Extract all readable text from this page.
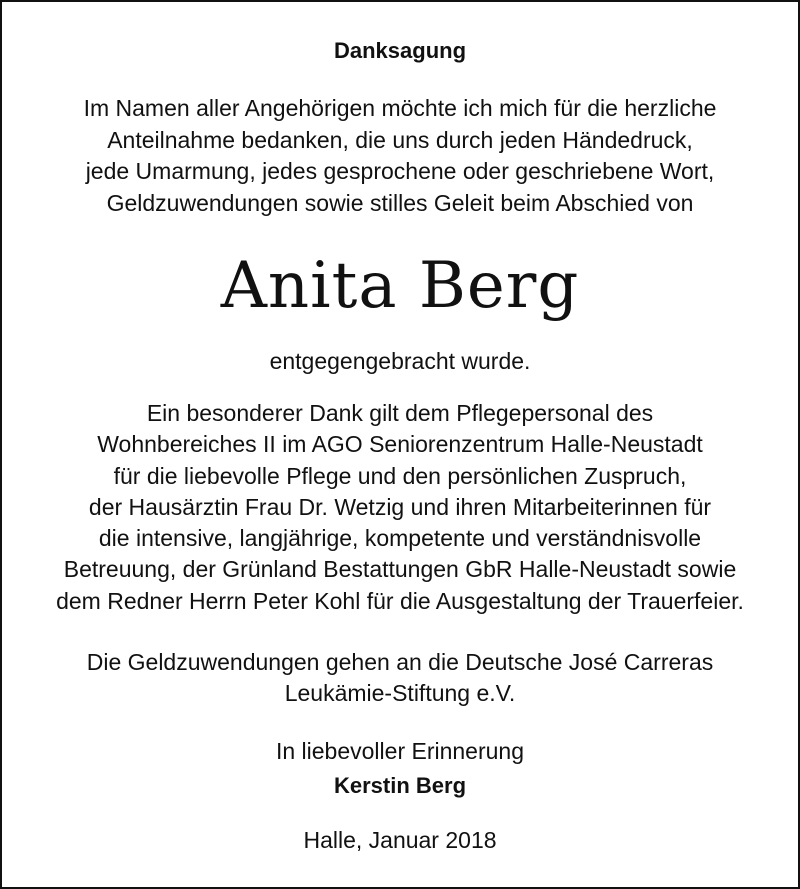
Danksagung
Im Namen aller Angehörigen möchte ich mich für die herzliche
Anteilnahme bedanken, die uns durch jeden Händedruck,
jede Umarmung, jedes gesprochene oder geschriebene Wort,
Geldzuwendungen sowie stilles Geleit beim Abschied von
Anita Berg
entgegengebracht wurde.
Ein besonderer Dank gilt dem Pflegepersonal des
Wohnbereiches II im AGO Seniorenzentrum Halle-Neustadt
für die liebevolle Pflege und den persönlichen Zuspruch,
der Hausärztin Frau Dr. Wetzig und ihren Mitarbeiterinnen für
die intensive, langjährige, kompetente und verständnisvolle
Betreuung, der Grünland Bestattungen GbR Halle-Neustadt sowie
dem Redner Herrn Peter Kohl für die Ausgestaltung der Trauerfeier.
Die Geldzuwendungen gehen an die Deutsche José Carreras
Leukämie-Stiftung e.V.
In liebevoller Erinnerung
Kerstin Berg
Halle, Januar 2018
